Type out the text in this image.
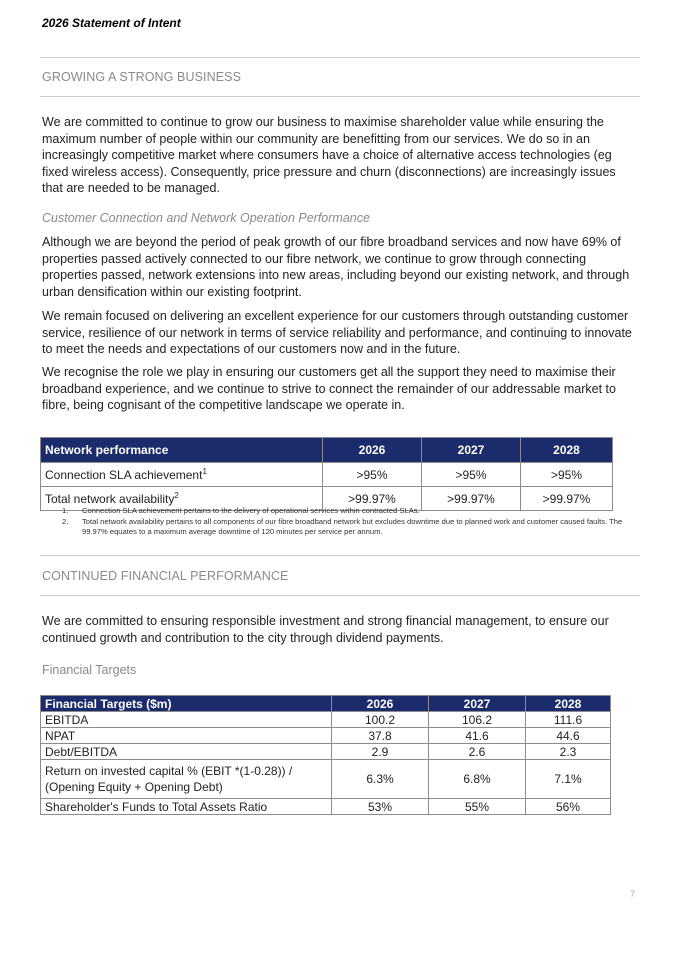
2026 Statement of Intent
GROWING A STRONG BUSINESS
We are committed to continue to grow our business to maximise shareholder value while ensuring the maximum number of people within our community are benefitting from our services. We do so in an increasingly competitive market where consumers have a choice of alternative access technologies (eg fixed wireless access). Consequently, price pressure and churn (disconnections) are increasingly issues that are needed to be managed.
Customer Connection and Network Operation Performance
Although we are beyond the period of peak growth of our fibre broadband services and now have 69% of properties passed actively connected to our fibre network, we continue to grow through connecting properties passed, network extensions into new areas, including beyond our existing network, and through urban densification within our existing footprint.
We remain focused on delivering an excellent experience for our customers through outstanding customer service, resilience of our network in terms of service reliability and performance, and continuing to innovate to meet the needs and expectations of our customers now and in the future.
We recognise the role we play in ensuring our customers get all the support they need to maximise their broadband experience, and we continue to strive to connect the remainder of our addressable market to fibre, being cognisant of the competitive landscape we operate in.
Network performance	2026	2027	2028
Connection SLA achievement$^1$	>95%	>95%	>95%
Total network availability$^2$	>99.97%	>99.97%	>99.97%
1.	Connection SLA achievement pertains to the delivery of operational services within contracted SLAs.
2.	Total network availability pertains to all components of our fibre broadband network but excludes downtime due to planned work and customer caused faults. The 99.97% equates to a maximum average downtime of 120 minutes per service per annum.
CONTINUED FINANCIAL PERFORMANCE
We are committed to ensuring responsible investment and strong financial management, to ensure our continued growth and contribution to the city through dividend payments.
Financial Targets
Financial Targets ($m)	2026	2027	2028
EBITDA	100.2	106.2	111.6
NPAT	37.8	41.6	44.6
Debt/EBITDA	2.9	2.6	2.3
Return on invested capital % (EBIT *(1-0.28)) / (Opening Equity + Opening Debt)	6.3%	6.8%	7.1%
Shareholder's Funds to Total Assets Ratio	53%	55%	56%
7
